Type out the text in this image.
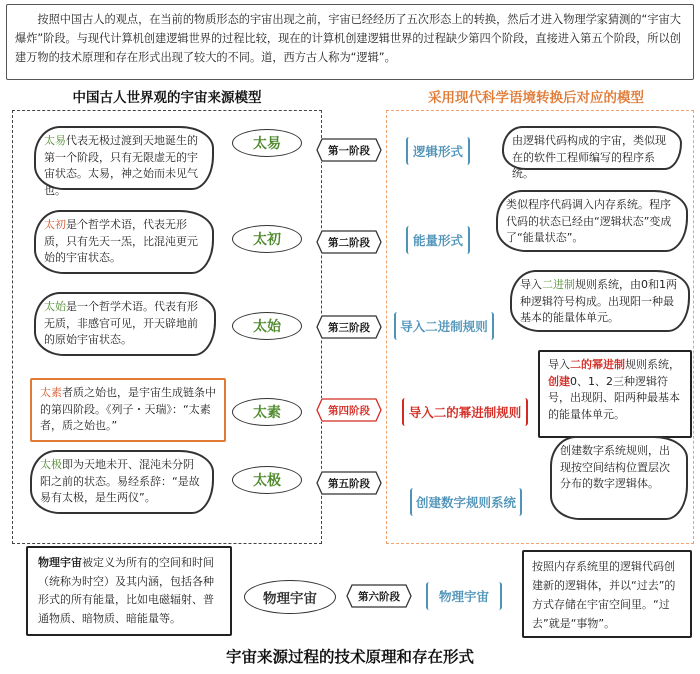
按照中国古人的观点，在当前的物质形态的宇宙出现之前，宇宙已经经历了五次形态上的转换，然后才进入物理学家猜测的“宇宙大爆炸”阶段。与现代计算机创建逻辑世界的过程比较，现在的计算机创建逻辑世界的过程缺少第四个阶段，直接进入第五个阶段，所以创建万物的技术原理和存在形式出现了较大的不同。道，西方古人称为“逻辑”。
中国古人世界观的宇宙来源模型	采用现代科学语境转换后对应的模型
太易代表无极过渡到天地诞生的第一个阶段，只有无限虚无的宇宙状态。太易，神之始而未见气也。
太易	第一阶段	逻辑形式
由逻辑代码构成的宇宙，类似现在的软件工程师编写的程序系统。
太初是个哲学术语，代表无形质，只有先天一炁，比混沌更元始的宇宙状态。
太初	第二阶段	能量形式
类似程序代码调入内存系统。程序代码的状态已经由“逻辑状态”变成了“能量状态”。
太始是一个哲学术语。代表有形无质，非感官可见，开天辟地前的原始宇宙状态。
太始	第三阶段	导入二进制规则
导入二进制规则系统，由0和1两种逻辑符号构成。出现阳一种最基本的能量体单元。
太素者质之始也，是宇宙生成链条中的第四阶段。《列子・天瑞》：“太素者，质之始也。”
太素	第四阶段	导入二的幂进制规则
导入二的幂进制规则系统，创建0、1、2三种逻辑符号，出现阴、阳两种最基本的能量体单元。
太极即为天地未开、混沌未分阴阳之前的状态。易经系辞：“是故易有太极，是生两仪”。
太极	第五阶段
创建数字规则系统
创建数字系统规则，出现按空间结构位置层次分布的数字逻辑体。
物理宇宙被定义为所有的空间和时间（统称为时空）及其内涵，包括各种形式的所有能量，比如电磁辐射、普通物质、暗物质、暗能量等。
物理宇宙	第六阶段	物理宇宙
按照内存系统里的逻辑代码创建新的逻辑体，并以“过去”的方式存储在宇宙空间里。“过去”就是“事物”。
宇宙来源过程的技术原理和存在形式
